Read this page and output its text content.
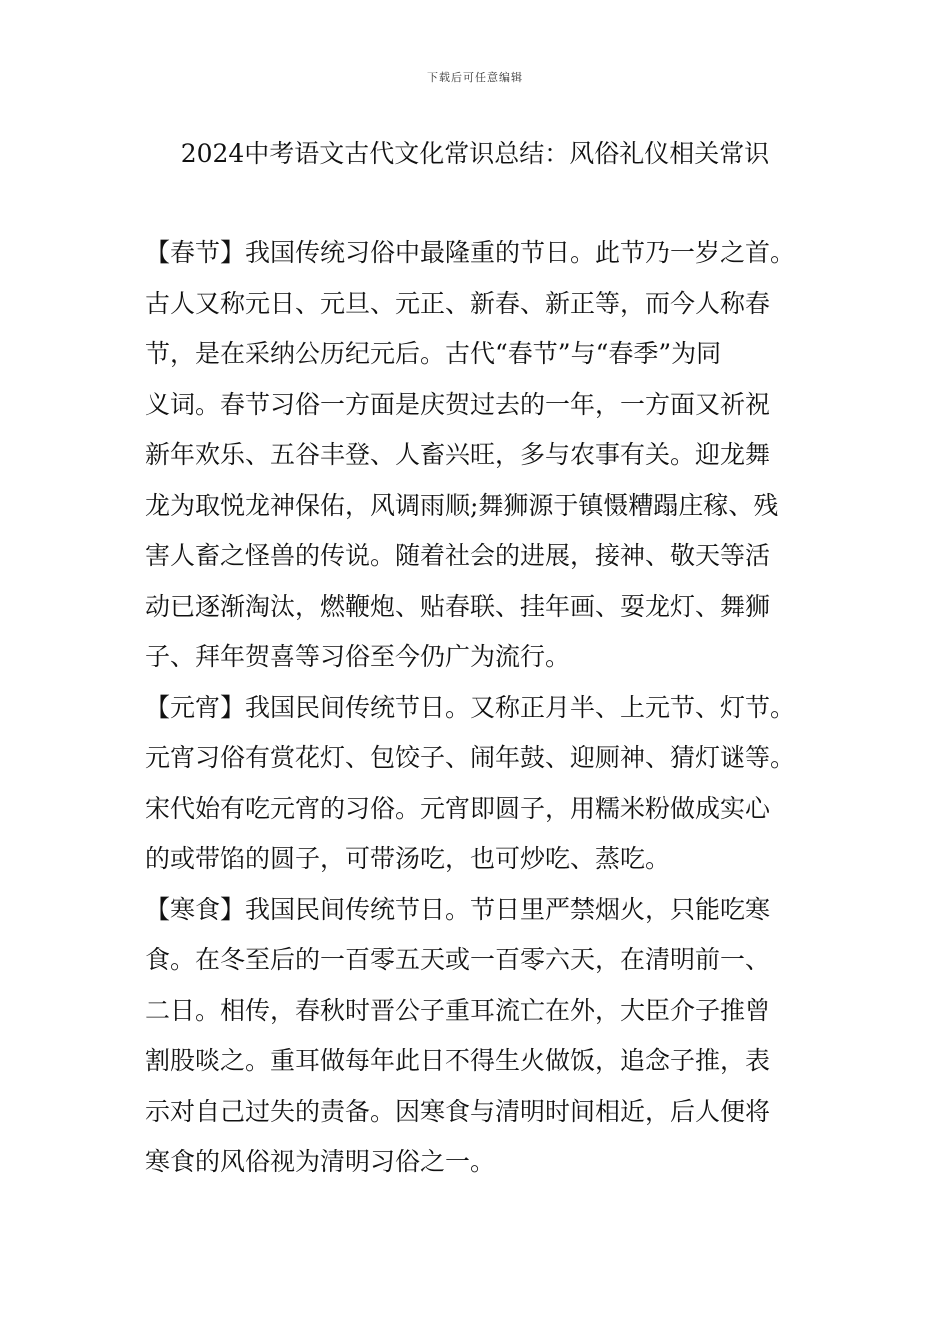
下载后可任意编辑
2024中考语文古代文化常识总结：风俗礼仪相关常识

【春节】我国传统习俗中最隆重的节日。此节乃一岁之首。
古人又称元日、元旦、元正、新春、新正等，而今人称春
节，是在采纳公历纪元后。古代“春节”与“春季”为同
义词。春节习俗一方面是庆贺过去的一年，一方面又祈祝
新年欢乐、五谷丰登、人畜兴旺，多与农事有关。迎龙舞
龙为取悦龙神保佑，风调雨顺;舞狮源于镇慑糟蹋庄稼、残
害人畜之怪兽的传说。随着社会的进展，接神、敬天等活
动已逐渐淘汰，燃鞭炮、贴春联、挂年画、耍龙灯、舞狮
子、拜年贺喜等习俗至今仍广为流行。

【元宵】我国民间传统节日。又称正月半、上元节、灯节。
元宵习俗有赏花灯、包饺子、闹年鼓、迎厕神、猜灯谜等。
宋代始有吃元宵的习俗。元宵即圆子，用糯米粉做成实心
的或带馅的圆子，可带汤吃，也可炒吃、蒸吃。

【寒食】我国民间传统节日。节日里严禁烟火，只能吃寒
食。在冬至后的一百零五天或一百零六天，在清明前一、
二日。相传，春秋时晋公子重耳流亡在外，大臣介子推曾
割股啖之。重耳做每年此日不得生火做饭，追念子推，表
示对自己过失的责备。因寒食与清明时间相近，后人便将
寒食的风俗视为清明习俗之一。
